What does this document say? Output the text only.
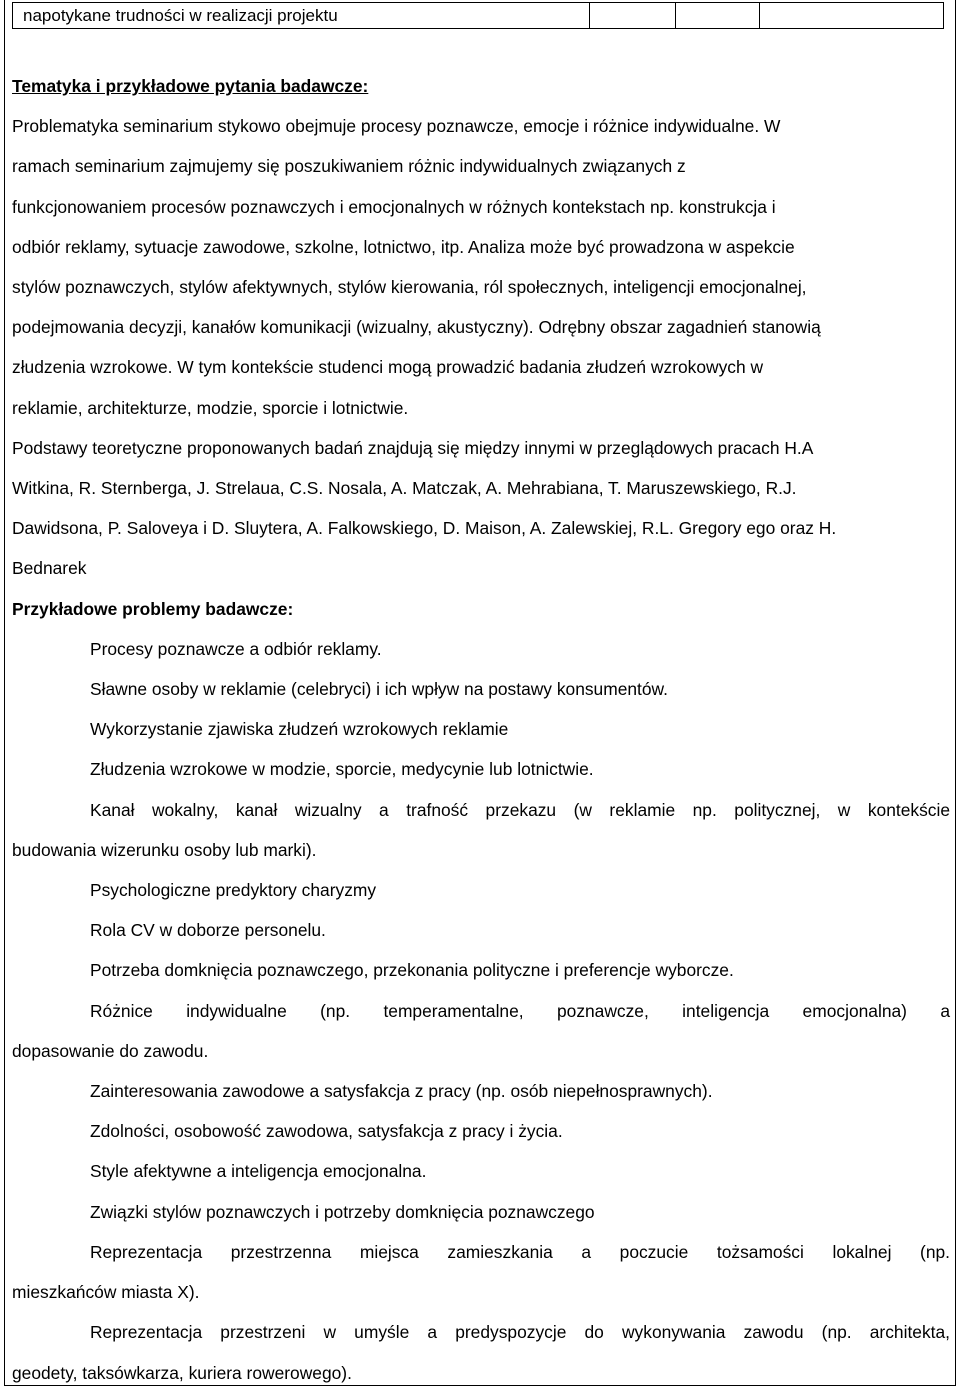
napotykane trudności w realizacji projektu
Tematyka i przykładowe pytania badawcze:
Problematyka seminarium stykowo obejmuje procesy poznawcze, emocje i różnice indywidualne. W
ramach seminarium zajmujemy się poszukiwaniem różnic indywidualnych związanych z
funkcjonowaniem procesów poznawczych i emocjonalnych w różnych kontekstach np. konstrukcja i
odbiór reklamy, sytuacje zawodowe, szkolne, lotnictwo, itp. Analiza może być prowadzona w aspekcie
stylów poznawczych, stylów afektywnych, stylów kierowania, ról społecznych, inteligencji emocjonalnej,
podejmowania decyzji, kanałów komunikacji (wizualny, akustyczny). Odrębny obszar zagadnień stanowią
złudzenia wzrokowe. W tym kontekście studenci mogą prowadzić badania złudzeń wzrokowych w
reklamie, architekturze, modzie, sporcie i lotnictwie.
Podstawy teoretyczne proponowanych badań znajdują się między innymi w przeglądowych pracach H.A
Witkina, R. Sternberga, J. Strelaua, C.S. Nosala, A. Matczak, A. Mehrabiana, T. Maruszewskiego, R.J.
Dawidsona, P. Saloveya i D. Sluytera, A. Falkowskiego, D. Maison, A. Zalewskiej, R.L. Gregory ego oraz H.
Bednarek
Przykładowe problemy badawcze:
Procesy poznawcze a odbiór reklamy.
Sławne osoby w reklamie (celebryci) i ich wpływ na postawy konsumentów.
Wykorzystanie zjawiska złudzeń wzrokowych reklamie
Złudzenia wzrokowe w modzie, sporcie, medycynie lub lotnictwie.
Kanał wokalny, kanał wizualny a trafność przekazu (w reklamie np. politycznej, w kontekście
budowania wizerunku osoby lub marki).
Psychologiczne predyktory charyzmy
Rola CV w doborze personelu.
Potrzeba domknięcia poznawczego, przekonania polityczne i preferencje wyborcze.
Różnice indywidualne (np. temperamentalne, poznawcze, inteligencja emocjonalna) a
dopasowanie do zawodu.
Zainteresowania zawodowe a satysfakcja z pracy (np. osób niepełnosprawnych).
Zdolności, osobowość zawodowa, satysfakcja z pracy i życia.
Style afektywne a inteligencja emocjonalna.
Związki stylów poznawczych i potrzeby domknięcia poznawczego
Reprezentacja przestrzenna miejsca zamieszkania a poczucie tożsamości lokalnej (np.
mieszkańców miasta X).
Reprezentacja przestrzeni w umyśle a predyspozycje do wykonywania zawodu (np. architekta,
geodety, taksówkarza, kuriera rowerowego).
